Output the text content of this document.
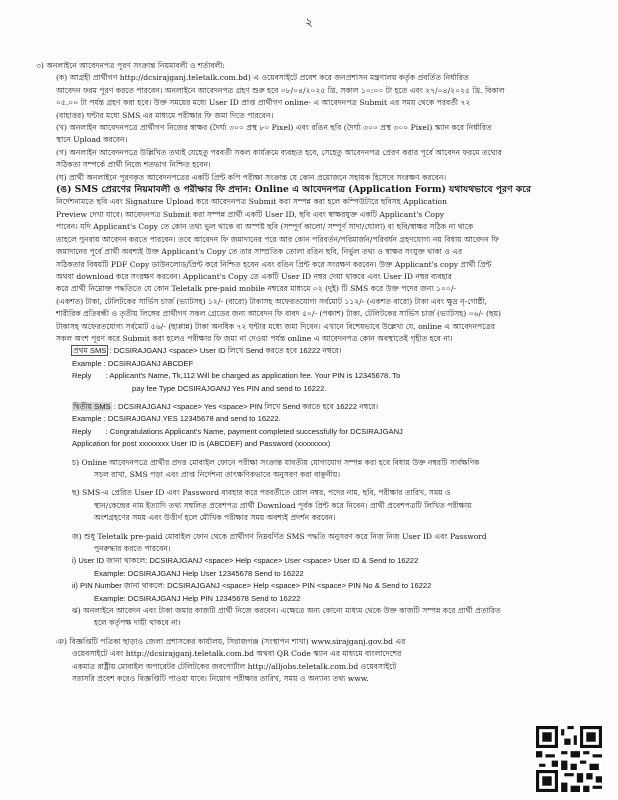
২
৩) অনলাইনে আবেদনপত্র পূরণ সংক্রান্ত নিয়মাবলী ও শর্তাবলী:
(ক) আগ্রহী প্রার্থীগণ http://dcsirajganj.teletalk.com.bd) এ ওয়েবসাইটে প্রবেশ করে জনপ্রশাসন মন্ত্রণালয় কর্তৃক প্রবর্তিত নির্ধারিত
আবেদন ফরম পূরণ করতে পারবেন। অনলাইনে আবেদনপত্র গ্রহণ শুরু হবে ০৮/০৪/২০২৫ খ্রি. সকাল ১০:০০ টা হতে এবং ২৭/০৪/২০২৫ খ্রি. বিকাল
০৫.০০ টা পর্যন্ত গ্রহণ করা হবে। উক্ত সময়ের মধ্যে User ID প্রাপ্ত প্রার্থীগণ online- এ আবেদনপত্র Submit এর সময় থেকে পরবর্তী ৭২
(বাহাত্তর) ঘন্টার মধ্যে SMS এর মাধ্যমে পরীক্ষার ফি জমা দিতে পারবেন।
(খ) অনলাইন আবেদনপত্রে প্রার্থীগণ নিজের স্বাক্ষর (দৈর্ঘ্য ৩০০ প্রস্থ ৮০ Pixel) এবং রঙিন ছবি (দৈর্ঘ্য ৩০০ প্রস্থ ৩০০ Pixel) স্ক্যান করে নির্ধারিত
স্থানে Upload করবেন।
(গ) অনলাইন আবেদনপত্রে উল্লিখিত তথ্যই যেহেতু পরবর্তী সকল কার্যক্রমে ব্যবহৃত হবে, সেহেতু আবেদনপত্র প্রেরণ করার পূর্বে আবেদন ফরমে তথ্যের
সঠিকতা সম্পর্কে প্রার্থী নিজে শতভাগ নিশ্চিত হবেন।
(ঘ) প্রার্থী অনলাইনে পূরণকৃত আবেদনপত্রের একটি প্রিন্ট কপি পরীক্ষা সংক্রান্ত যে কোন প্রয়োজনে সহায়ক হিসেবে সংরক্ষণ করবেন।
(ঙ) SMS প্রেরণের নিয়মাবলী ও পরীক্ষার ফি প্রদান: Online এ আবেদনপত্র (Application Form) যথাযথভাবে পূরণ করে
নির্দেশনামতে ছবি এবং Signature Upload করে আবেদনপত্র Submit করা সম্পন্ন করা হলে কম্পিউটারে ছবিসহ Application
Preview দেখা যাবে। আবেদনপত্র Submit করা সম্পন্ন প্রার্থী একটি User ID, ছবি এবং স্বাক্ষরযুক্ত একটি Applicant's Copy
পাবেন। যদি Applicant's Copy তে কোন তথ্য ভুল থাকে বা অস্পষ্ট ছবি (সম্পূর্ণ কালো/ সম্পূর্ণ সাদা/ঘোলা) বা ছবি/স্বাক্ষর সঠিক না থাকে
তাহলে পুনরায় আবেদন করতে পারবেন। তবে আবেদন ফি জমাদানের পরে আর কোন পরিবর্তন/পরিমার্জন/পরিবর্ধন গ্রহণযোগ্য নয় বিধায় আবেদন ফি
জমাদানের পূর্বে প্রার্থী অবশ্যই উক্ত Applicant's Copy তে তার সাম্প্রতিক তোলা রঙিন ছবি, নির্ভুল তথ্য ও স্বাক্ষর সংযুক্ত থাকা ও এর
সঠিকতার বিষয়টি PDF Copy ডাউনলোড/প্রিন্ট করে নিশ্চিত হবেন এবং রঙিন প্রিন্ট করে সংরক্ষণ করবেন। উক্ত Applicant's copy প্রার্থী প্রিন্ট
অথবা download করে সংরক্ষণ করবেন। Applicant's Copy তে একটি User ID নম্বর দেয়া থাকবে এবং User ID নম্বর ব্যবহার
করে প্রার্থী নিম্নোক্ত পদ্ধতিতে যে কোন Teletalk pre-paid mobile নম্বরের মাধ্যমে ০২ (দুই) টি SMS করে উক্ত পদের জন্য ১০০/-
(একশত) টাকা, টেলিটকের সার্ভিস চার্জ (ভ্যাটসহ) ১২/- (বারো) টাকাসহ অফেরতযোগ্য সর্বমোট ১১২/- (একশত বারো) টাকা এবং ক্ষুদ্র নৃ-গোষ্ঠী,
শারীরিক প্রতিবন্ধী ও তৃতীয় লিঙ্গের প্রার্থীগণ সকল গ্রেডের জন্য আবেদন ফি বাবদ ৫০/- (পঞ্চাশ) টাকা, টেলিটকের সার্ভিস চার্জ (ভ্যাটসহ) ০৬/- (ছয়)
টাকাসহ অফেরতযোগ্য সর্বমোট ৫৬/- (ছাপ্পান্ন) টাকা অনধিক ৭২ ঘন্টার মধ্যে জমা দিবেন। এখানে বিশেষভাবে উল্লেখ্য যে, online এ আবেদনপত্রের
সকল অংশ পূরণ করে Submit করা হলেও পরীক্ষার ফি জমা না দেওয়া পর্যন্ত online এ আবেদনপত্র কোন অবস্থাতেই গৃহীত হবে না।
প্রথম SMS : DCSIRAJGANJ <space> User ID লিখে Send করতে হবে 16222 নম্বরে।
Example : DCSIRAJGANJ ABCDEF
Reply : Applicant's Name, Tk,112 Will be charged as application fee. Your PIN is 12345678. To
pay fee Type DCSIRAJGANJ Yes PIN and send to 16222.
দ্বিতীয় SMS : DCSIRAJGANJ <space> Yes <space> PIN লিখে Send করতে হবে 16222 নম্বরে।
Example : DCSIRAJGANJ YES 12345678 and send to 16222.
Reply : Congratulations Applicant's Name, payment completed successfully for DCSIRAJGANJ
Application for post xxxxxxxx User ID is (ABCDEF) and Password (xxxxxxxx)
চ) Online আবেদনপত্রে প্রার্থীর প্রদত্ত মোবাইল ফোনে পরীক্ষা সংক্রান্ত যাবতীয় যোগাযোগ সম্পন্ন করা হবে বিধায় উক্ত নম্বরটি সার্বক্ষণিক
সচল রাখা, SMS পড়া এবং প্রাপ্ত নির্দেশনা তাৎক্ষণিকভাবে অনুসরণ করা বাঞ্ছনীয়।
ছ) SMS-এ প্রেরিত User ID এবং Password ব্যবহার করে পরবর্তীতে রোল নম্বর, পদের নাম, ছবি, পরীক্ষার তারিখ, সময় ও
স্থান/কেন্দ্রের নাম ইত্যাদি তথ্য সম্বলিত প্রবেশপত্র প্রার্থী Download পূর্বক প্রিন্ট করে নিবেন। প্রার্থী প্রবেশপত্রটি লিখিত পরীক্ষায়
অংশগ্রহণের সময় এবং উত্তীর্ণ হলে মৌখিক পরীক্ষার সময় অবশ্যই প্রদর্শন করবেন।
জ) শুধু Teletalk pre-paid মোবাইল ফোন থেকে প্রার্থীগণ নিম্নবর্ণিত SMS পদ্ধতি অনুসরণ করে নিজ নিজ User ID এবং Password
পুনরুদ্ধার করতে পারবেন।
i) User ID জানা থাকলে: DCSIRAJGANJ <space> Help <space> User <space> User ID & Send to 16222
Example: DCSIRAJGANJ Help User 12345678 Send to 16222
ii) PIN Number জানা থাকলে: DCSIRAJGANJ <space> Help <space> PIN <space> PIN No & Send to 16222
Example: DCSIRAJGANJ Help PIN 12345678 Send to 16222
ঝ) অনলাইনে আবেদন এবং টাকা জমার কাজটি প্রার্থী নিজে করবেন। এক্ষেত্রে অন্য কোনো মাধ্যম থেকে উক্ত কাজটি সম্পন্ন করে প্রার্থী প্রতারিত
হলে কর্তৃপক্ষ দায়ী থাকবে না।
ঞ) বিজ্ঞপ্তিটি পত্রিকা ছাড়াও জেলা প্রশাসকের কার্যালয়, সিরাজগঞ্জ (সংস্থাপন শাখা) www.sirajganj.gov.bd এর
ওয়েবসাইটে এবং http://dcsirajganj.teletalk.com.bd অথবা QR Code স্ক্যান এর মাধ্যমে বাংলাদেশের
একমাত্র রাষ্ট্রীয় মোবাইল অপারেটর টেলিটকের জবপোর্টাল http://alljobs.teletalk.com.bd ওয়েবসাইটে
সরাসরি প্রবেশ করেও বিজ্ঞপ্তিটি পাওয়া যাবে। নিয়োগ পরীক্ষার তারিখ, সময় ও অন্যান্য তথ্য www.
